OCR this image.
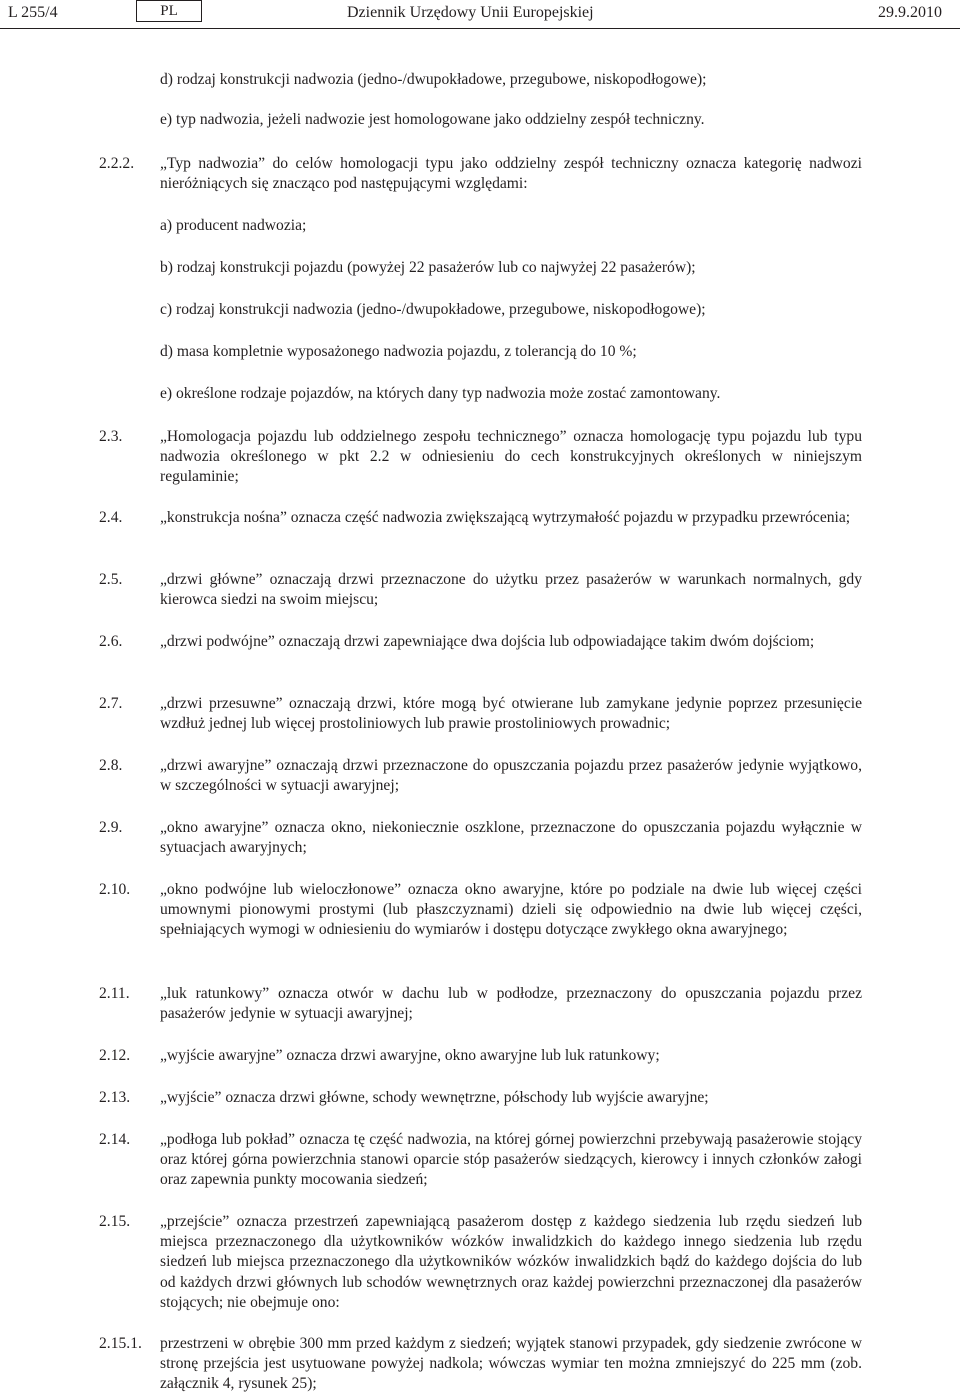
L 255/4	PL	Dziennik Urzędowy Unii Europejskiej	29.9.2010
d) rodzaj konstrukcji nadwozia (jedno-/dwupokładowe, przegubowe, niskopodłogowe);
e) typ nadwozia, jeżeli nadwozie jest homologowane jako oddzielny zespół techniczny.
2.2.2. „Typ nadwozia” do celów homologacji typu jako oddzielny zespół techniczny oznacza kategorię nadwozi nieróżniących się znacząco pod następującymi względami:
a) producent nadwozia;
b) rodzaj konstrukcji pojazdu (powyżej 22 pasażerów lub co najwyżej 22 pasażerów);
c) rodzaj konstrukcji nadwozia (jedno-/dwupokładowe, przegubowe, niskopodłogowe);
d) masa kompletnie wyposażonego nadwozia pojazdu, z tolerancją do 10 %;
e) określone rodzaje pojazdów, na których dany typ nadwozia może zostać zamontowany.
2.3. „Homologacja pojazdu lub oddzielnego zespołu technicznego” oznacza homologację typu pojazdu lub typu nadwozia określonego w pkt 2.2 w odniesieniu do cech konstrukcyjnych określonych w niniejszym regulaminie;
2.4. „konstrukcja nośna” oznacza część nadwozia zwiększającą wytrzymałość pojazdu w przypadku przewrócenia;
2.5. „drzwi główne” oznaczają drzwi przeznaczone do użytku przez pasażerów w warunkach normalnych, gdy kierowca siedzi na swoim miejscu;
2.6. „drzwi podwójne” oznaczają drzwi zapewniające dwa dojścia lub odpowiadające takim dwóm dojściom;
2.7. „drzwi przesuwne” oznaczają drzwi, które mogą być otwierane lub zamykane jedynie poprzez przesunięcie wzdłuż jednej lub więcej prostoliniowych lub prawie prostoliniowych prowadnic;
2.8. „drzwi awaryjne” oznaczają drzwi przeznaczone do opuszczania pojazdu przez pasażerów jedynie wyjątkowo, w szczególności w sytuacji awaryjnej;
2.9. „okno awaryjne” oznacza okno, niekoniecznie oszklone, przeznaczone do opuszczania pojazdu wyłącznie w sytuacjach awaryjnych;
2.10. „okno podwójne lub wieloczłonowe” oznacza okno awaryjne, które po podziale na dwie lub więcej części umownymi pionowymi prostymi (lub płaszczyznami) dzieli się odpowiednio na dwie lub więcej części, spełniających wymogi w odniesieniu do wymiarów i dostępu dotyczące zwykłego okna awaryjnego;
2.11. „luk ratunkowy” oznacza otwór w dachu lub w podłodze, przeznaczony do opuszczania pojazdu przez pasażerów jedynie w sytuacji awaryjnej;
2.12. „wyjście awaryjne” oznacza drzwi awaryjne, okno awaryjne lub luk ratunkowy;
2.13. „wyjście” oznacza drzwi główne, schody wewnętrzne, półschody lub wyjście awaryjne;
2.14. „podłoga lub pokład” oznacza tę część nadwozia, na której górnej powierzchni przebywają pasażerowie stojący oraz której górna powierzchnia stanowi oparcie stóp pasażerów siedzących, kierowcy i innych członków załogi oraz zapewnia punkty mocowania siedzeń;
2.15. „przejście” oznacza przestrzeń zapewniającą pasażerom dostęp z każdego siedzenia lub rzędu siedzeń lub miejsca przeznaczonego dla użytkowników wózków inwalidzkich do każdego innego siedzenia lub rzędu siedzeń lub miejsca przeznaczonego dla użytkowników wózków inwalidzkich bądź do każdego dojścia do lub od każdych drzwi głównych lub schodów wewnętrznych oraz każdej powierzchni przeznaczonej dla pasażerów stojących; nie obejmuje ono:
2.15.1. przestrzeni w obrębie 300 mm przed każdym z siedzeń; wyjątek stanowi przypadek, gdy siedzenie zwrócone w stronę przejścia jest usytuowane powyżej nadkola; wówczas wymiar ten można zmniejszyć do 225 mm (zob. załącznik 4, rysunek 25);
